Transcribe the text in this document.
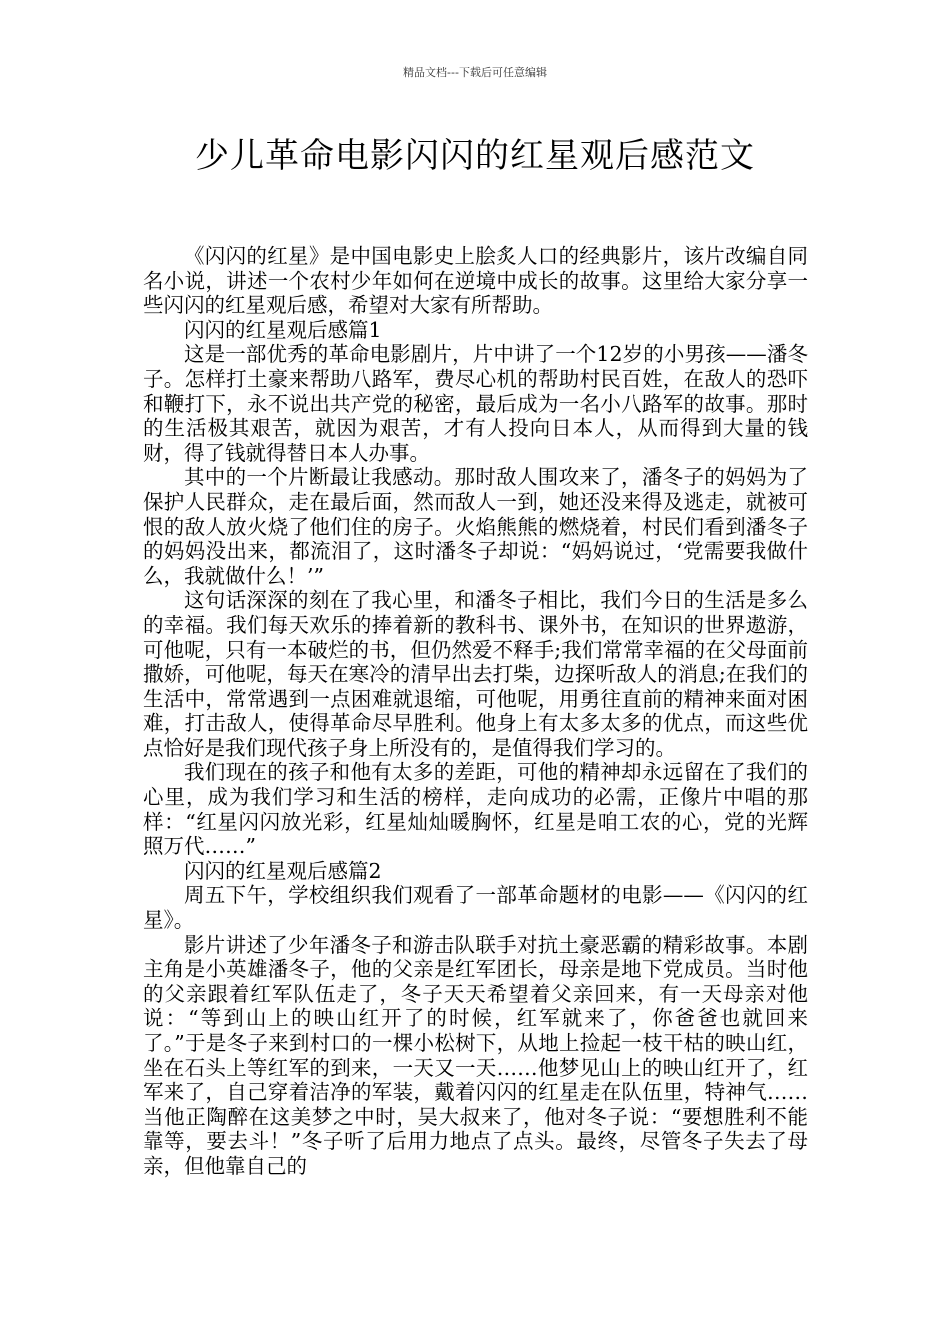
精品文档---下载后可任意编辑
少儿革命电影闪闪的红星观后感范文

《闪闪的红星》是中国电影史上脍炙人口的经典影片，该片改编自同名小说，讲述一个农村少年如何在逆境中成长的故事。这里给大家分享一些闪闪的红星观后感，希望对大家有所帮助。

闪闪的红星观后感篇1

这是一部优秀的革命电影剧片，片中讲了一个12岁的小男孩——潘冬子。怎样打土豪来帮助八路军，费尽心机的帮助村民百姓，在敌人的恐吓和鞭打下，永不说出共产党的秘密，最后成为一名小八路军的故事。那时的生活极其艰苦，就因为艰苦，才有人投向日本人，从而得到大量的钱财，得了钱就得替日本人办事。

其中的一个片断最让我感动。那时敌人围攻来了，潘冬子的妈妈为了保护人民群众，走在最后面，然而敌人一到，她还没来得及逃走，就被可恨的敌人放火烧了他们住的房子。火焰熊熊的燃烧着，村民们看到潘冬子的妈妈没出来，都流泪了，这时潘冬子却说：“妈妈说过，‘党需要我做什么，我就做什么！’”

这句话深深的刻在了我心里，和潘冬子相比，我们今日的生活是多么的幸福。我们每天欢乐的捧着新的教科书、课外书，在知识的世界遨游，可他呢，只有一本破烂的书，但仍然爱不释手;我们常常幸福的在父母面前撒娇，可他呢，每天在寒冷的清早出去打柴，边探听敌人的消息;在我们的生活中，常常遇到一点困难就退缩，可他呢，用勇往直前的精神来面对困难，打击敌人，使得革命尽早胜利。他身上有太多太多的优点，而这些优点恰好是我们现代孩子身上所没有的，是值得我们学习的。

我们现在的孩子和他有太多的差距，可他的精神却永远留在了我们的心里，成为我们学习和生活的榜样，走向成功的必需，正像片中唱的那样：“红星闪闪放光彩，红星灿灿暖胸怀，红星是咱工农的心，党的光辉照万代……”

闪闪的红星观后感篇2

周五下午，学校组织我们观看了一部革命题材的电影——《闪闪的红星》。

影片讲述了少年潘冬子和游击队联手对抗土豪恶霸的精彩故事。本剧主角是小英雄潘冬子，他的父亲是红军团长，母亲是地下党成员。当时他的父亲跟着红军队伍走了，冬子天天希望着父亲回来，有一天母亲对他说：“等到山上的映山红开了的时候，红军就来了，你爸爸也就回来了。”于是冬子来到村口的一棵小松树下，从地上捡起一枝干枯的映山红，坐在石头上等红军的到来，一天又一天……他梦见山上的映山红开了，红军来了，自己穿着洁净的军装，戴着闪闪的红星走在队伍里，特神气……当他正陶醉在这美梦之中时，吴大叔来了，他对冬子说：“要想胜利不能靠等，要去斗！”冬子听了后用力地点了点头。最终，尽管冬子失去了母亲，但他靠自己的
